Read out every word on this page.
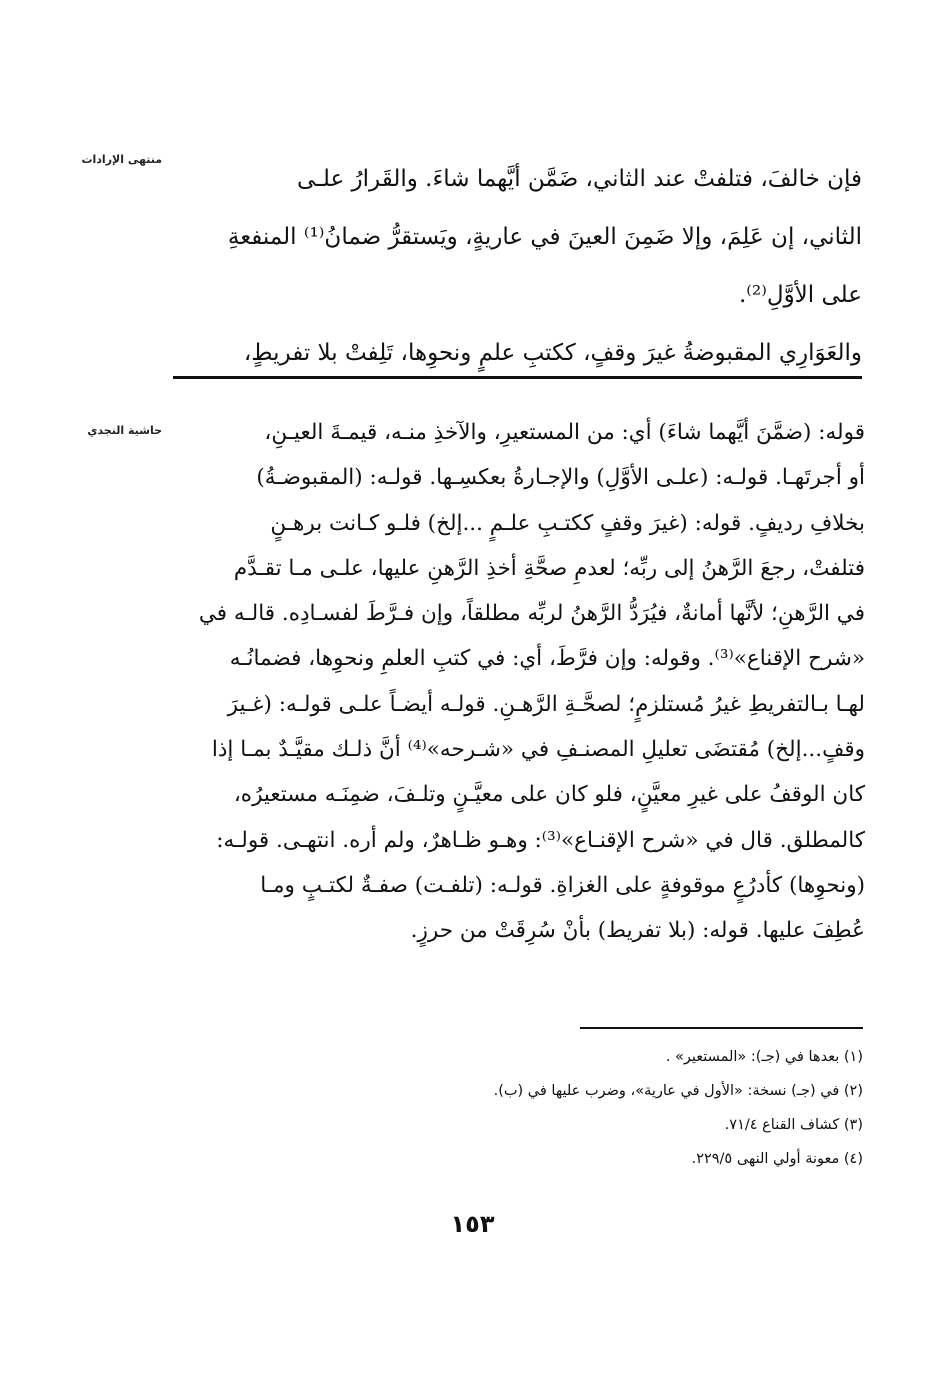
منتهى الإرادات
حاشية النجدي
فإن خالفَ، فتلفتْ عند الثاني، ضَمَّن أيَّهما شاءَ. والقَرارُ علـى
الثاني، إن عَلِمَ، وإلا ضَمِنَ العينَ في عاريةٍ، ويَستقرُّ ضمانُ⁽¹⁾ المنفعةِ
على الأوَّلِ⁽²⁾.
والعَوَارِي المقبوضةُ غيرَ وقفٍ، ككتبِ علمٍ ونحوِها، تَلِفتْ بلا تفريطٍ،
قوله: (ضمَّنَ أيَّهما شاءَ) أي: من المستعيرِ، والآخذِ منـه، قيمـةَ العيـنِ،
أو أجرتَهـا. قولـه: (علـى الأوَّلِ) والإجـارةُ بعكسِـها. قولـه: (المقبوضـةُ)
بخلافِ رديفٍ. قوله: (غيرَ وقفٍ ككتـبِ علـمٍ ...إلخ) فلـو كـانت برهـنٍ
فتلفتْ، رجعَ الرَّهنُ إلى ربِّه؛ لعدمِ صحَّةِ أخذِ الرَّهنِ عليها، علـى مـا تقـدَّم
في الرَّهنِ؛ لأنَّها أمانةٌ، فيُرَدُّ الرَّهنُ لربِّه مطلقاً، وإن فـرَّطَ لفسـادِه. قالـه في
«شرح الإقناع»⁽³⁾. وقوله: وإن فرَّطَ، أي: في كتبِ العلمِ ونحوِها، فضمانُـه
لهـا بـالتفريطِ غيرُ مُستلزمٍ؛ لصحَّـةِ الرَّهـنِ. قولـه أيضـاً علـى قولـه: (غـيرَ
وقفٍ...إلخ) مُقتضَى تعليلِ المصنـفِ في «شـرحه»⁽⁴⁾ أنَّ ذلـك مقيَّـدٌ بمـا إذا
كان الوقفُ على غيرِ معيَّنٍ، فلو كان على معيَّـنٍ وتلـفَ، ضمِنَـه مستعيرُه،
كالمطلق. قال في «شرح الإقنـاع»⁽³⁾: وهـو ظـاهرٌ، ولم أره. انتهـى. قولـه:
(ونحوِها) كأدرُعٍ موقوفةٍ على الغزاةِ. قولـه: (تلفـت) صفـةٌ لكتـبٍ ومـا
عُطِفَ عليها. قوله: (بلا تفريط) بأنْ سُرِقَتْ من حرزٍ.
(١) بعدها في (جـ): «المستعير» .
(٢) في (جـ) نسخة: «الأول في عارية»، وضرب عليها في (ب).
(٣) كشاف القناع ٧١/٤.
(٤) معونة أولي النهى ٢٢٩/٥.
١٥٣
